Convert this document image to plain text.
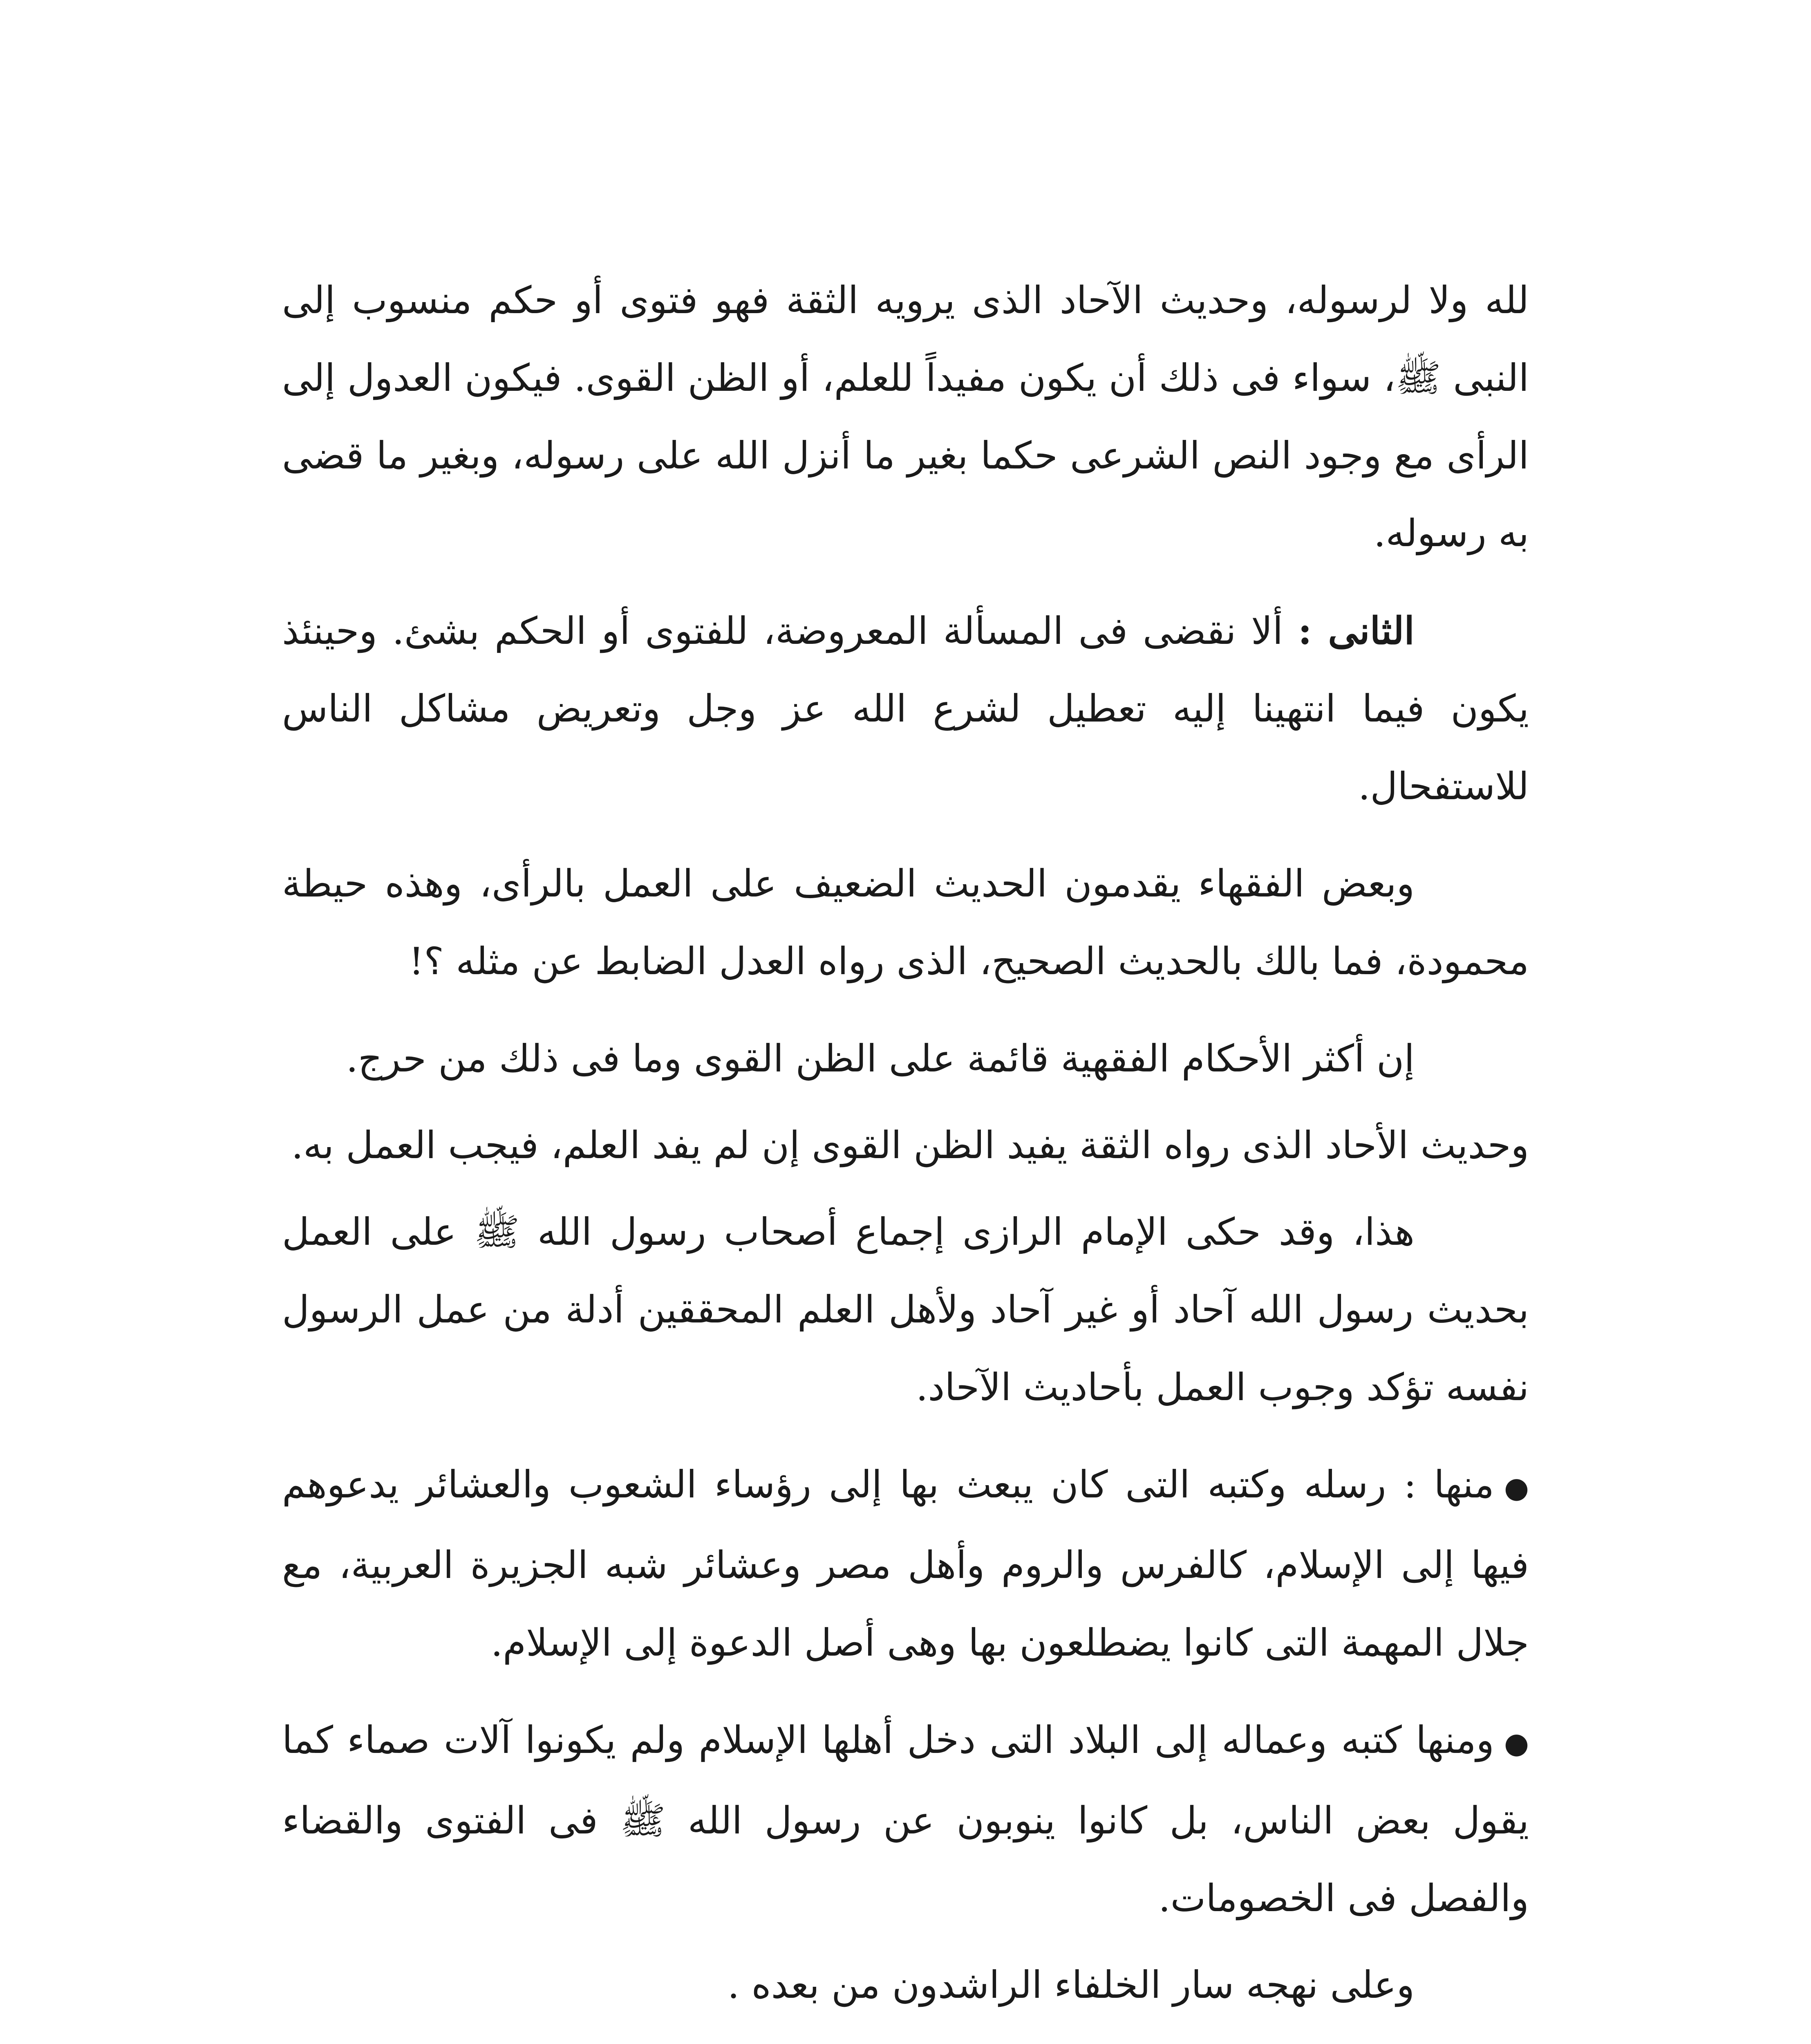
لله ولا لرسوله، وحديث الآحاد الذى يرويه الثقة فهو فتوى أو حكم منسوب إلى النبى ﷺ، سواء فى ذلك أن يكون مفيداً للعلم، أو الظن القوى. فيكون العدول إلى الرأى مع وجود النص الشرعى حكما بغير ما أنزل الله على رسوله، وبغير ما قضى به رسوله.

الثانى : ألا نقضى فى المسألة المعروضة، للفتوى أو الحكم بشئ. وحينئذ يكون فيما انتهينا إليه تعطيل لشرع الله عز وجل وتعريض مشاكل الناس للاستفحال.

وبعض الفقهاء يقدمون الحديث الضعيف على العمل بالرأى، وهذه حيطة محمودة، فما بالك بالحديث الصحيح، الذى رواه العدل الضابط عن مثله ؟!

إن أكثر الأحكام الفقهية قائمة على الظن القوى وما فى ذلك من حرج.

وحديث الأحاد الذى رواه الثقة يفيد الظن القوى إن لم يفد العلم، فيجب العمل به.

هذا، وقد حكى الإمام الرازى إجماع أصحاب رسول الله ﷺ على العمل بحديث رسول الله آحاد أو غير آحاد ولأهل العلم المحققين أدلة من عمل الرسول نفسه تؤكد وجوب العمل بأحاديث الآحاد.

●منها : رسله وكتبه التى كان يبعث بها إلى رؤساء الشعوب والعشائر يدعوهم فيها إلى الإسلام، كالفرس والروم وأهل مصر وعشائر شبه الجزيرة العربية، مع جلال المهمة التى كانوا يضطلعون بها وهى أصل الدعوة إلى الإسلام.

●ومنها كتبه وعماله إلى البلاد التى دخل أهلها الإسلام ولم يكونوا آلات صماء كما يقول بعض الناس، بل كانوا ينوبون عن رسول الله ﷺ فى الفتوى والقضاء والفصل فى الخصومات.

وعلى نهجه سار الخلفاء الراشدون من بعده .
